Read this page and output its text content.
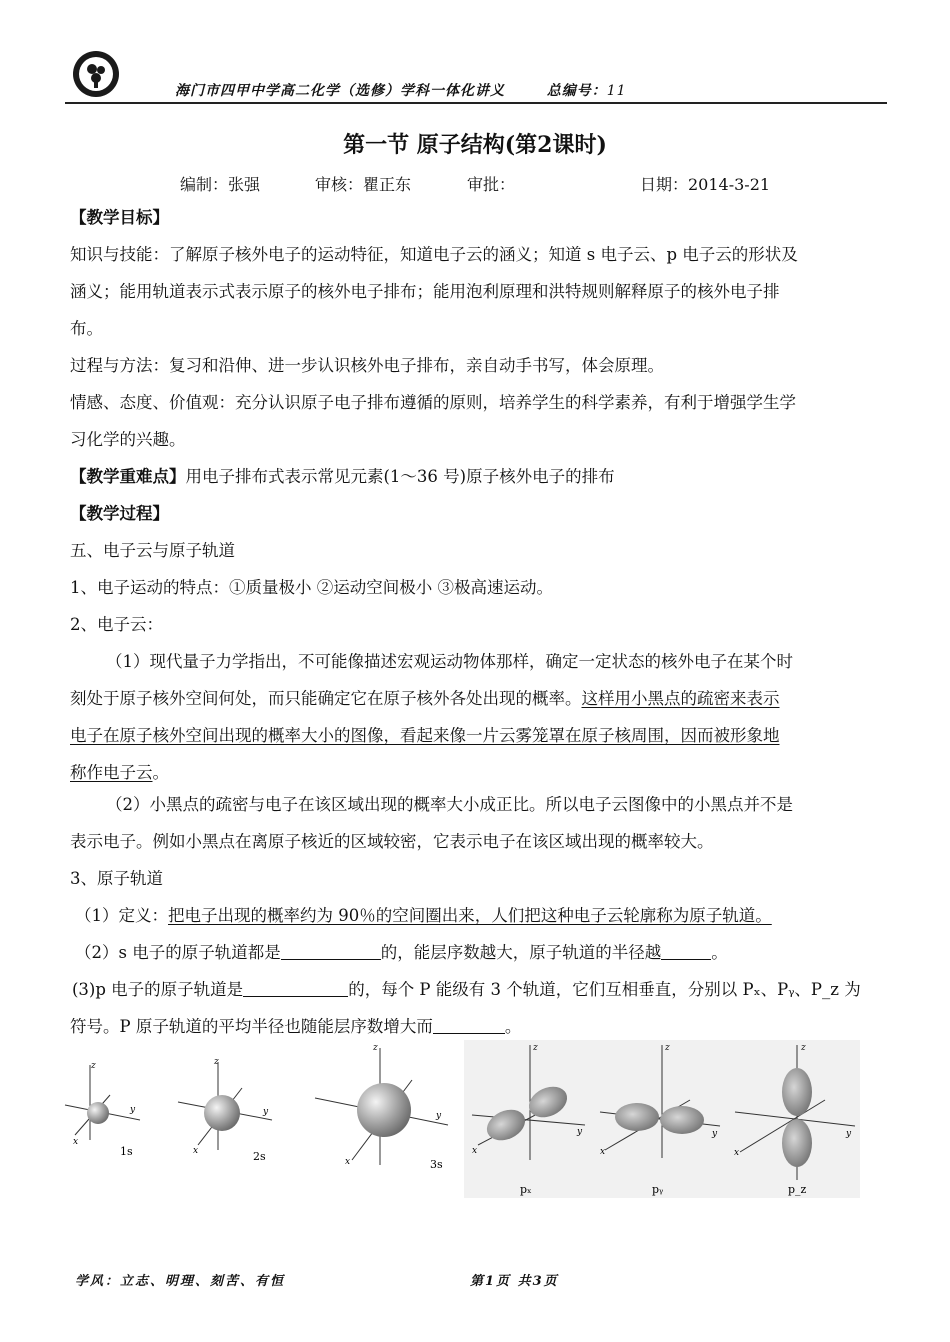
海门市四甲中学高二化学（选修）学科一体化讲义	总编号：11
第一节 原子结构(第2课时)
编制：张强	审核：瞿正东	审批：	日期：2014-3-21
【教学目标】
知识与技能：了解原子核外电子的运动特征，知道电子云的涵义；知道 s 电子云、p 电子云的形状及
涵义；能用轨道表示式表示原子的核外电子排布；能用泡利原理和洪特规则解释原子的核外电子排
布。
过程与方法：复习和沿伸、进一步认识核外电子排布，亲自动手书写，体会原理。
情感、态度、价值观：充分认识原子电子排布遵循的原则，培养学生的科学素养，有利于增强学生学
习化学的兴趣。
【教学重难点】用电子排布式表示常见元素(1～36 号)原子核外电子的排布
【教学过程】
五、电子云与原子轨道
1、电子运动的特点：①质量极小 ②运动空间极小 ③极高速运动。
2、电子云：
（1）现代量子力学指出，不可能像描述宏观运动物体那样，确定一定状态的核外电子在某个时
刻处于原子核外空间何处，而只能确定它在原子核外各处出现的概率。这样用小黑点的疏密来表示
电子在原子核外空间出现的概率大小的图像，看起来像一片云雾笼罩在原子核周围，因而被形象地
称作电子云。
（2）小黑点的疏密与电子在该区域出现的概率大小成正比。所以电子云图像中的小黑点并不是
表示电子。例如小黑点在离原子核近的区域较密，它表示电子在该区域出现的概率较大。
3、原子轨道
（1）定义：把电子出现的概率约为 90％的空间圈出来，人们把这种电子云轮廓称为原子轨道。
（2）s 电子的原子轨道都是	的，能层序数越大，原子轨道的半径越	。
(3)p 电子的原子轨道是	的，每个 P 能级有 3 个轨道，它们互相垂直，分别以 Pₓ、Pᵧ、P_z 为
符号。P 原子轨道的平均半径也随能层序数增大而	。
z
y
x
1s
z
y
x	2s
z
y
x	3s
z
y
x
pₓ
z
y
x
pᵧ
z
y
x
p_z
学风：立志、明理、刻苦、有恒	第1页 共3页
